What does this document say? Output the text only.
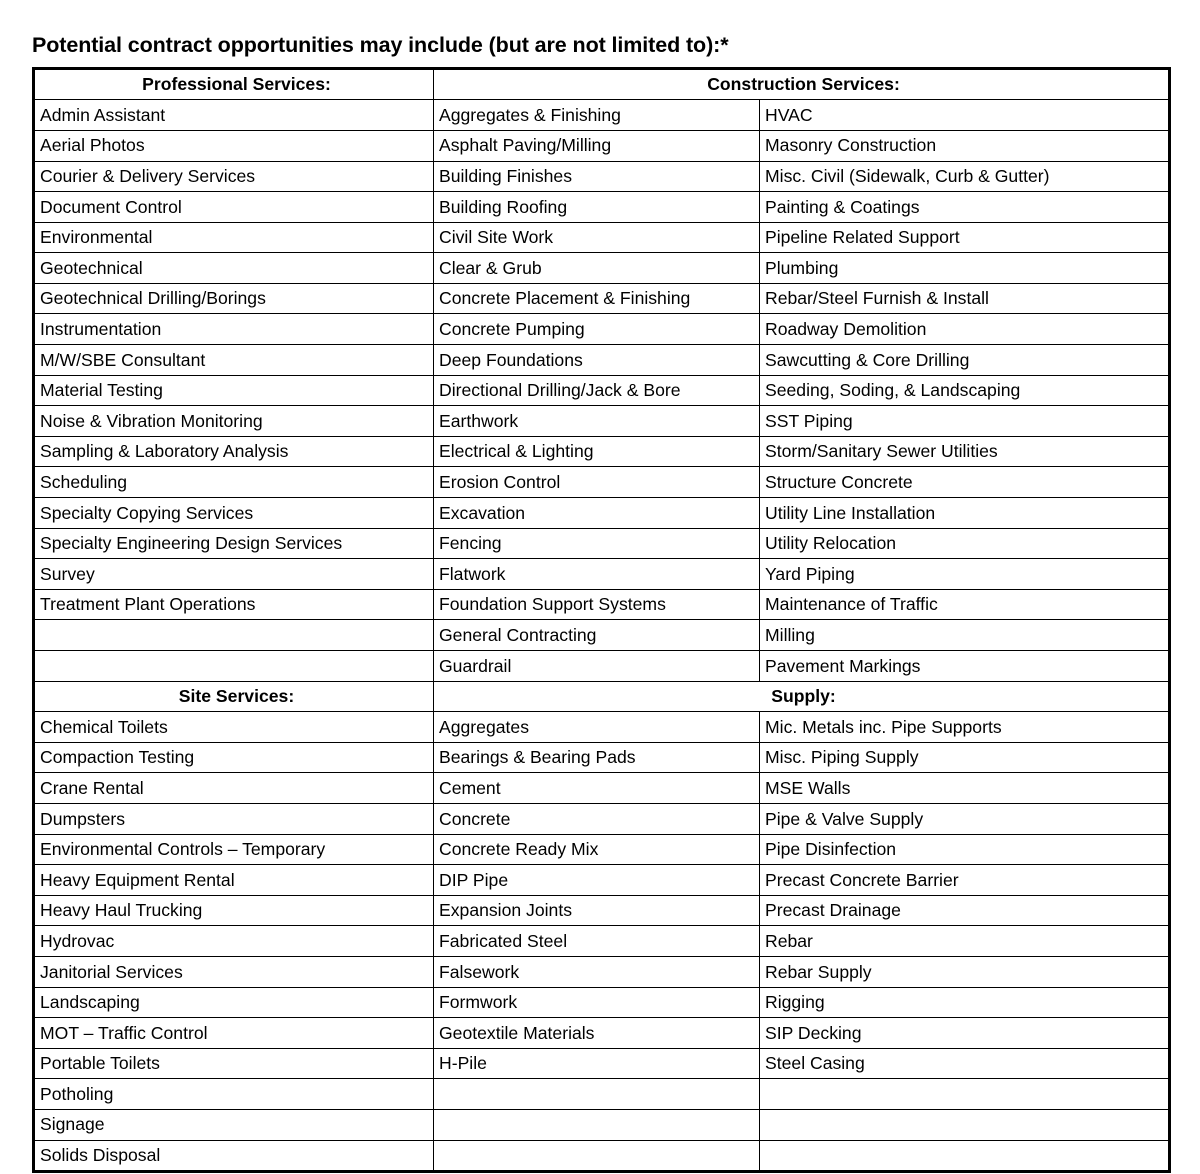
Potential contract opportunities may include (but are not limited to):*
Professional Services:	Construction Services:	
Admin Assistant	Aggregates & Finishing	HVAC
Aerial Photos	Asphalt Paving/Milling	Masonry Construction
Courier & Delivery Services	Building Finishes	Misc. Civil (Sidewalk, Curb & Gutter)
Document Control	Building Roofing	Painting & Coatings
Environmental	Civil Site Work	Pipeline Related Support
Geotechnical	Clear & Grub	Plumbing
Geotechnical Drilling/Borings	Concrete Placement & Finishing	Rebar/Steel Furnish & Install
Instrumentation	Concrete Pumping	Roadway Demolition
M/W/SBE Consultant	Deep Foundations	Sawcutting & Core Drilling
Material Testing	Directional Drilling/Jack & Bore	Seeding, Soding, & Landscaping
Noise & Vibration Monitoring	Earthwork	SST Piping
Sampling & Laboratory Analysis	Electrical & Lighting	Storm/Sanitary Sewer Utilities
Scheduling	Erosion Control	Structure Concrete
Specialty Copying Services	Excavation	Utility Line Installation
Specialty Engineering Design Services	Fencing	Utility Relocation
Survey	Flatwork	Yard Piping
Treatment Plant Operations	Foundation Support Systems	Maintenance of Traffic
	General Contracting	Milling
	Guardrail	Pavement Markings
Site Services:	Supply:	
Chemical Toilets	Aggregates	Mic. Metals inc. Pipe Supports
Compaction Testing	Bearings & Bearing Pads	Misc. Piping Supply
Crane Rental	Cement	MSE Walls
Dumpsters	Concrete	Pipe & Valve Supply
Environmental Controls – Temporary	Concrete Ready Mix	Pipe Disinfection
Heavy Equipment Rental	DIP Pipe	Precast Concrete Barrier
Heavy Haul Trucking	Expansion Joints	Precast Drainage
Hydrovac	Fabricated Steel	Rebar
Janitorial Services	Falsework	Rebar Supply
Landscaping	Formwork	Rigging
MOT – Traffic Control	Geotextile Materials	SIP Decking
Portable Toilets	H-Pile	Steel Casing
Potholing		
Signage		
Solids Disposal		
